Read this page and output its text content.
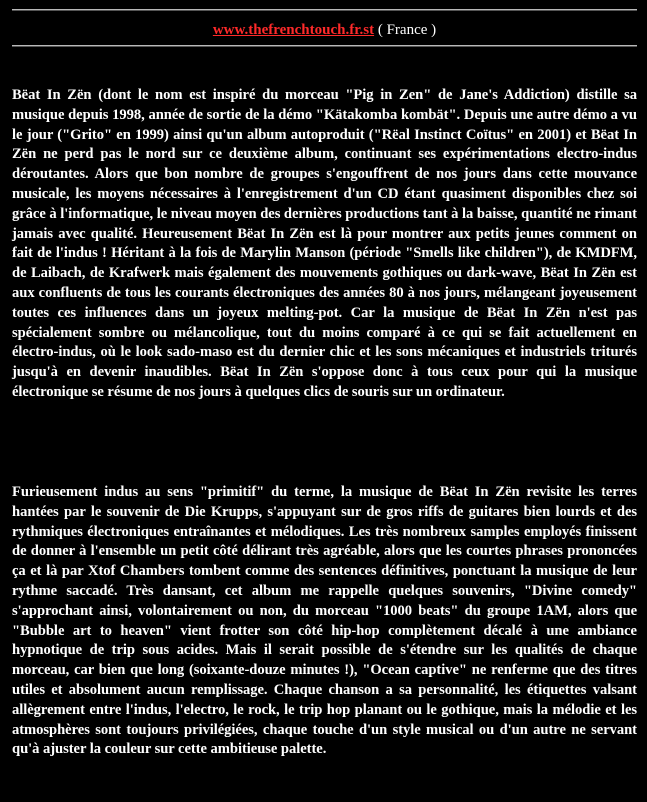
www.thefrenchtouch.fr.st ( France )

Bëat In Zën (dont le nom est inspiré du morceau "Pig in Zen" de Jane's Addiction) distille sa musique depuis 1998, année de sortie de la démo "Kätakomba kombät". Depuis une autre démo a vu le jour ("Grito" en 1999) ainsi qu'un album autoproduit ("Rëal Instinct Coïtus" en 2001) et Bëat In Zën ne perd pas le nord sur ce deuxième album, continuant ses expérimentations electro-indus déroutantes. Alors que bon nombre de groupes s'engouffrent de nos jours dans cette mouvance musicale, les moyens nécessaires à l'enregistrement d'un CD étant quasiment disponibles chez soi grâce à l'informatique, le niveau moyen des dernières productions tant à la baisse, quantité ne rimant jamais avec qualité. Heureusement Bëat In Zën est là pour montrer aux petits jeunes comment on fait de l'indus ! Héritant à la fois de Marylin Manson (période "Smells like children"), de KMDFM, de Laibach, de Krafwerk mais également des mouvements gothiques ou dark-wave, Bëat In Zën est aux confluents de tous les courants électroniques des années 80 à nos jours, mélangeant joyeusement toutes ces influences dans un joyeux melting-pot. Car la musique de Bëat In Zën n'est pas spécialement sombre ou mélancolique, tout du moins comparé à ce qui se fait actuellement en électro-indus, où le look sado-maso est du dernier chic et les sons mécaniques et industriels triturés jusqu'à en devenir inaudibles. Bëat In Zën s'oppose donc à tous ceux pour qui la musique électronique se résume de nos jours à quelques clics de souris sur un ordinateur.

Furieusement indus au sens "primitif" du terme, la musique de Bëat In Zën revisite les terres hantées par le souvenir de Die Krupps, s'appuyant sur de gros riffs de guitares bien lourds et des rythmiques électroniques entraînantes et mélodiques. Les très nombreux samples employés finissent de donner à l'ensemble un petit côté délirant très agréable, alors que les courtes phrases prononcées ça et là par Xtof Chambers tombent comme des sentences définitives, ponctuant la musique de leur rythme saccadé. Très dansant, cet album me rappelle quelques souvenirs, "Divine comedy" s'approchant ainsi, volontairement ou non, du morceau "1000 beats" du groupe 1AM, alors que "Bubble art to heaven" vient frotter son côté hip-hop complètement décalé à une ambiance hypnotique de trip sous acides. Mais il serait possible de s'étendre sur les qualités de chaque morceau, car bien que long (soixante-douze minutes !), "Ocean captive" ne renferme que des titres utiles et absolument aucun remplissage. Chaque chanson a sa personnalité, les étiquettes valsant allègrement entre l'indus, l'electro, le rock, le trip hop planant ou le gothique, mais la mélodie et les atmosphères sont toujours privilégiées, chaque touche d'un style musical ou d'un autre ne servant qu'à ajuster la couleur sur cette ambitieuse palette.
